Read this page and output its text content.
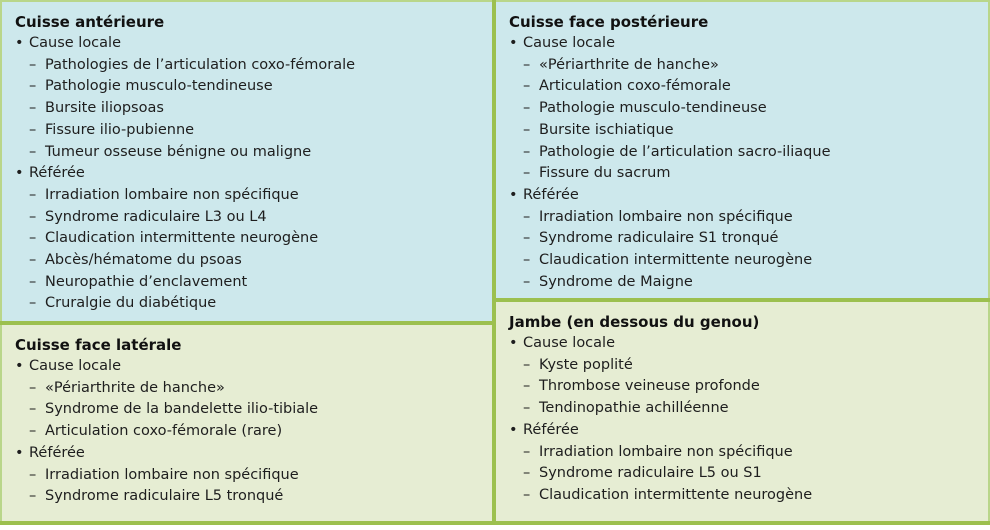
Cuisse antérieure

• Cause locale

– Pathologies de l’articulation coxo-fémorale

– Pathologie musculo-tendineuse

– Bursite iliopsoas

– Fissure ilio-pubienne

– Tumeur osseuse bénigne ou maligne

• Référée

– Irradiation lombaire non spécifique

– Syndrome radiculaire L3 ou L4

– Claudication intermittente neurogène

– Abcès/hématome du psoas

– Neuropathie d’enclavement

– Cruralgie du diabétique

Cuisse face postérieure

• Cause locale

– «Périarthrite de hanche»

– Articulation coxo-fémorale

– Pathologie musculo-tendineuse

– Bursite ischiatique

– Pathologie de l’articulation sacro-iliaque

– Fissure du sacrum

• Référée

– Irradiation lombaire non spécifique

– Syndrome radiculaire S1 tronqué

– Claudication intermittente neurogène

– Syndrome de Maigne

Cuisse face latérale

• Cause locale

– «Périarthrite de hanche»

– Syndrome de la bandelette ilio-tibiale

– Articulation coxo-fémorale (rare)

• Référée

– Irradiation lombaire non spécifique

– Syndrome radiculaire L5 tronqué

Jambe (en dessous du genou)

• Cause locale

– Kyste poplité

– Thrombose veineuse profonde

– Tendinopathie achilléenne

• Référée

– Irradiation lombaire non spécifique

– Syndrome radiculaire L5 ou S1

– Claudication intermittente neurogène
